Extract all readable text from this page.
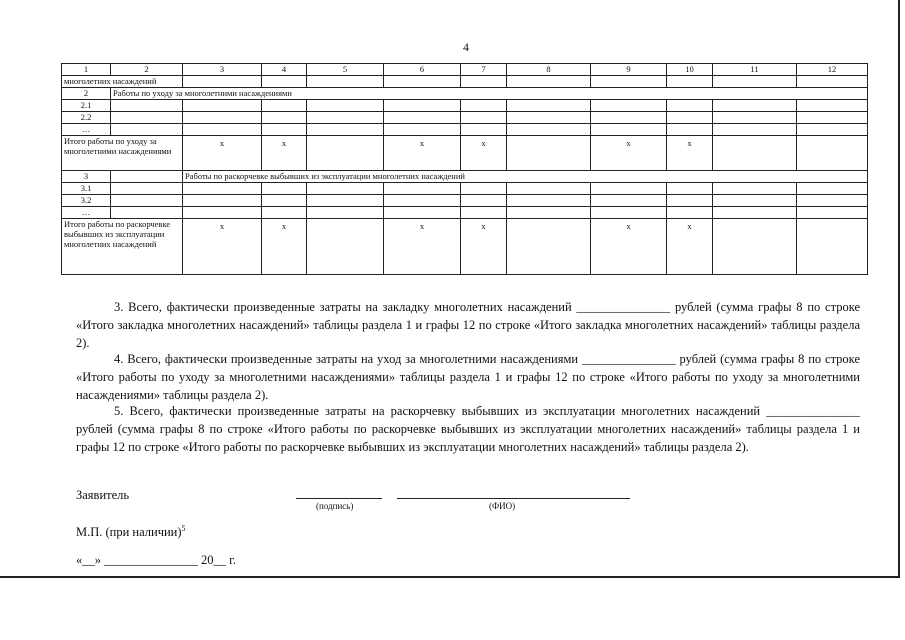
4
1	2	3	4	5	6	7	8	9	10	11	12
многолетних насаждений											
2	Работы по уходу за многолетними насаждениями										
2.1											
2.2											
…											
Итого работы по уходу за многолетними насаждениями		х	х		х	х		х	х		
3		Работы по раскорчевке выбывших из эксплуатации многолетних насаждений									
3.1											
3.2											
…											
Итого работы по раскорчевке выбывших из эксплуатации многолетних насаждений		х	х		х	х		х	х		
3. Всего, фактически произведенные затраты на закладку многолетних насаждений _______________ рублей (сумма графы 8 по строке «Итого закладка многолетних насаждений» таблицы раздела 1 и графы 12 по строке «Итого закладка многолетних насаждений» таблицы раздела 2).
4. Всего, фактически произведенные затраты на уход за многолетними насаждениями _______________ рублей (сумма графы 8 по строке «Итого работы по уходу за многолетними насаждениями» таблицы раздела 1 и графы 12 по строке «Итого работы по уходу за многолетними насаждениями» таблицы раздела 2).
5. Всего, фактически произведенные затраты на раскорчевку выбывших из эксплуатации многолетних насаждений _______________ рублей (сумма графы 8 по строке «Итого работы по раскорчевке выбывших из эксплуатации многолетних насаждений» таблицы раздела 1 и графы 12 по строке «Итого работы по раскорчевке выбывших из эксплуатации многолетних насаждений» таблицы раздела 2).
Заявитель
(подпись)	(ФИО)
М.П. (при наличии)$^5$
«__» _______________ 20__ г.
